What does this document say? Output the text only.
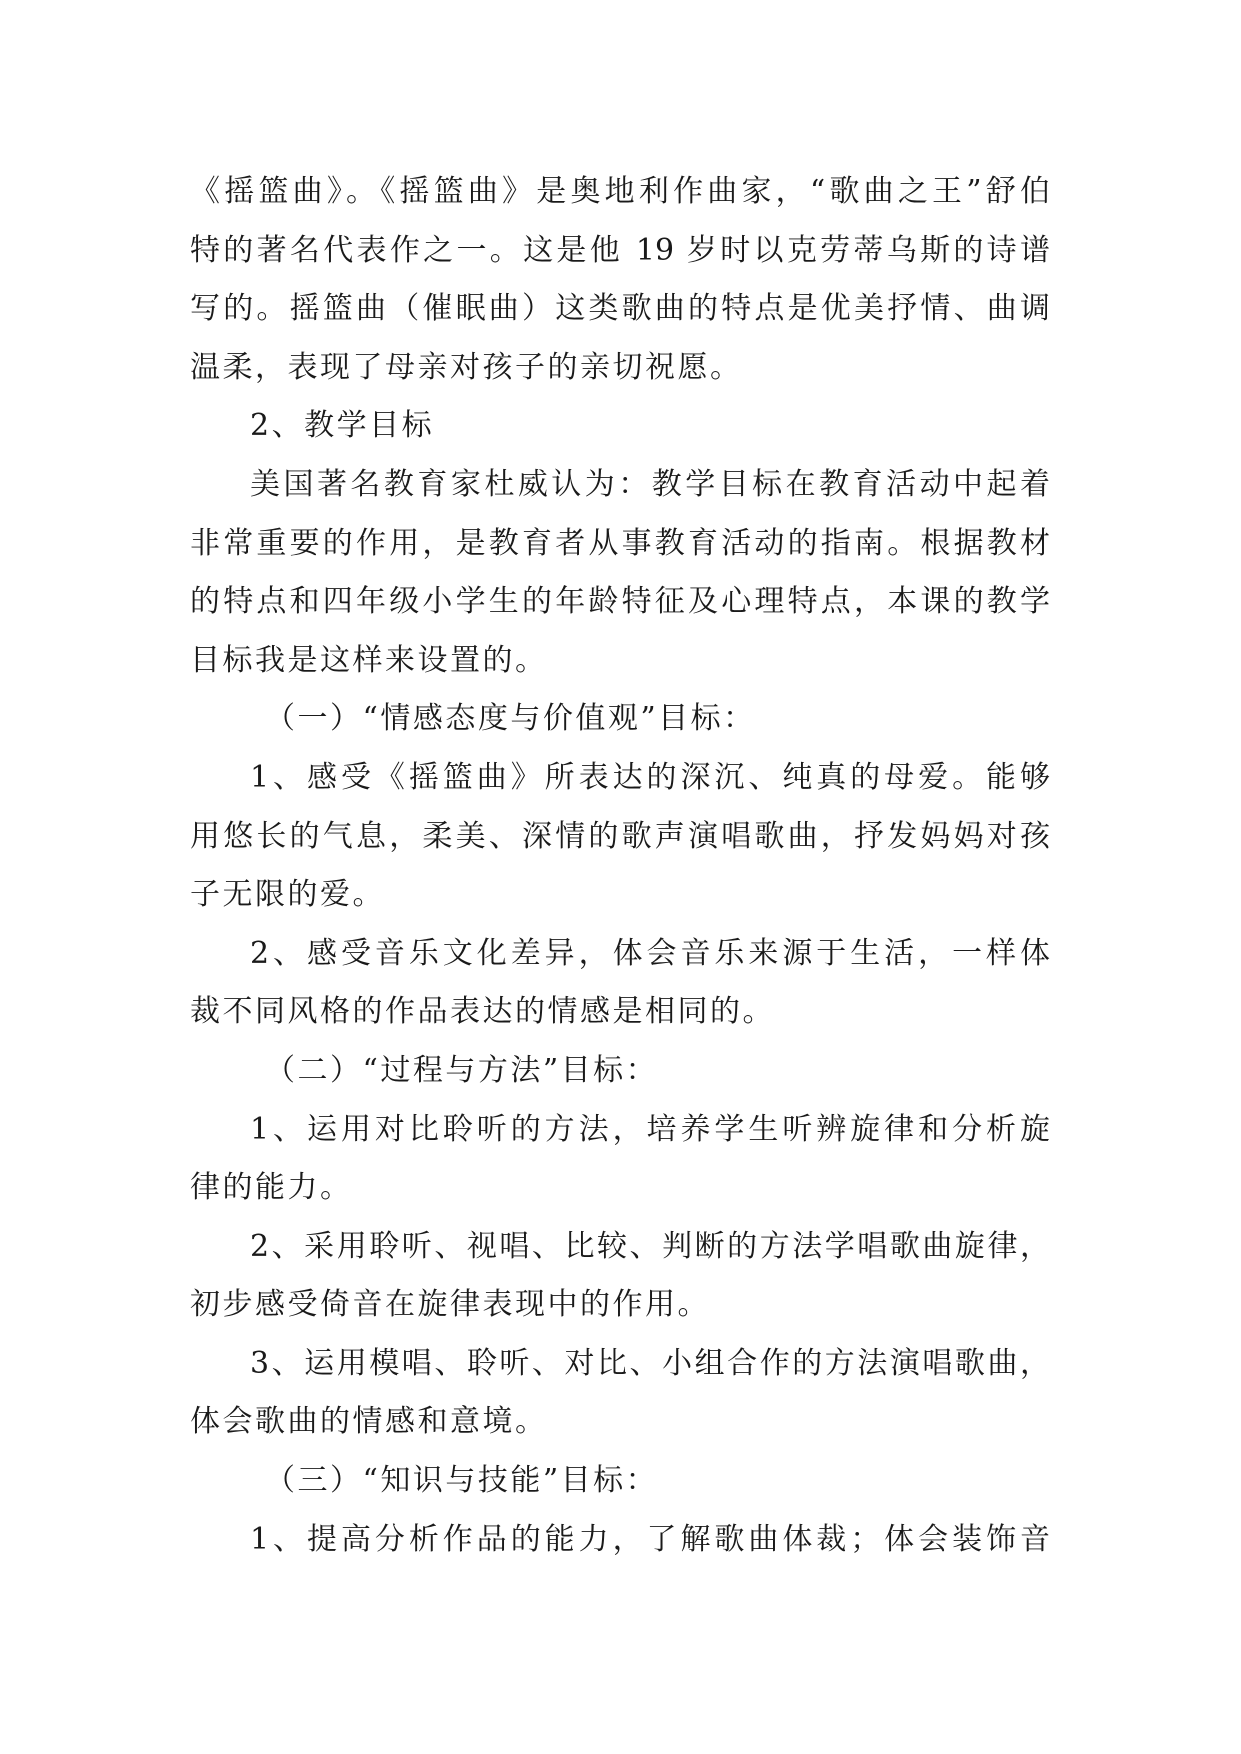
《摇篮曲》。《摇篮曲》是奥地利作曲家，“歌曲之王”舒伯
特的著名代表作之一。这是他 19 岁时以克劳蒂乌斯的诗谱
写的。摇篮曲（催眠曲）这类歌曲的特点是优美抒情、曲调
温柔，表现了母亲对孩子的亲切祝愿。
2、教学目标
美国著名教育家杜威认为：教学目标在教育活动中起着
非常重要的作用，是教育者从事教育活动的指南。根据教材
的特点和四年级小学生的年龄特征及心理特点，本课的教学
目标我是这样来设置的。
（一）“情感态度与价值观”目标：
1、感受《摇篮曲》所表达的深沉、纯真的母爱。能够
用悠长的气息，柔美、深情的歌声演唱歌曲，抒发妈妈对孩
子无限的爱。
2、感受音乐文化差异，体会音乐来源于生活，一样体
裁不同风格的作品表达的情感是相同的。
（二）“过程与方法”目标：
1、运用对比聆听的方法，培养学生听辨旋律和分析旋
律的能力。
2、采用聆听、视唱、比较、判断的方法学唱歌曲旋律，
初步感受倚音在旋律表现中的作用。
3、运用模唱、聆听、对比、小组合作的方法演唱歌曲，
体会歌曲的情感和意境。
（三）“知识与技能”目标：
1、提高分析作品的能力，了解歌曲体裁；体会装饰音
